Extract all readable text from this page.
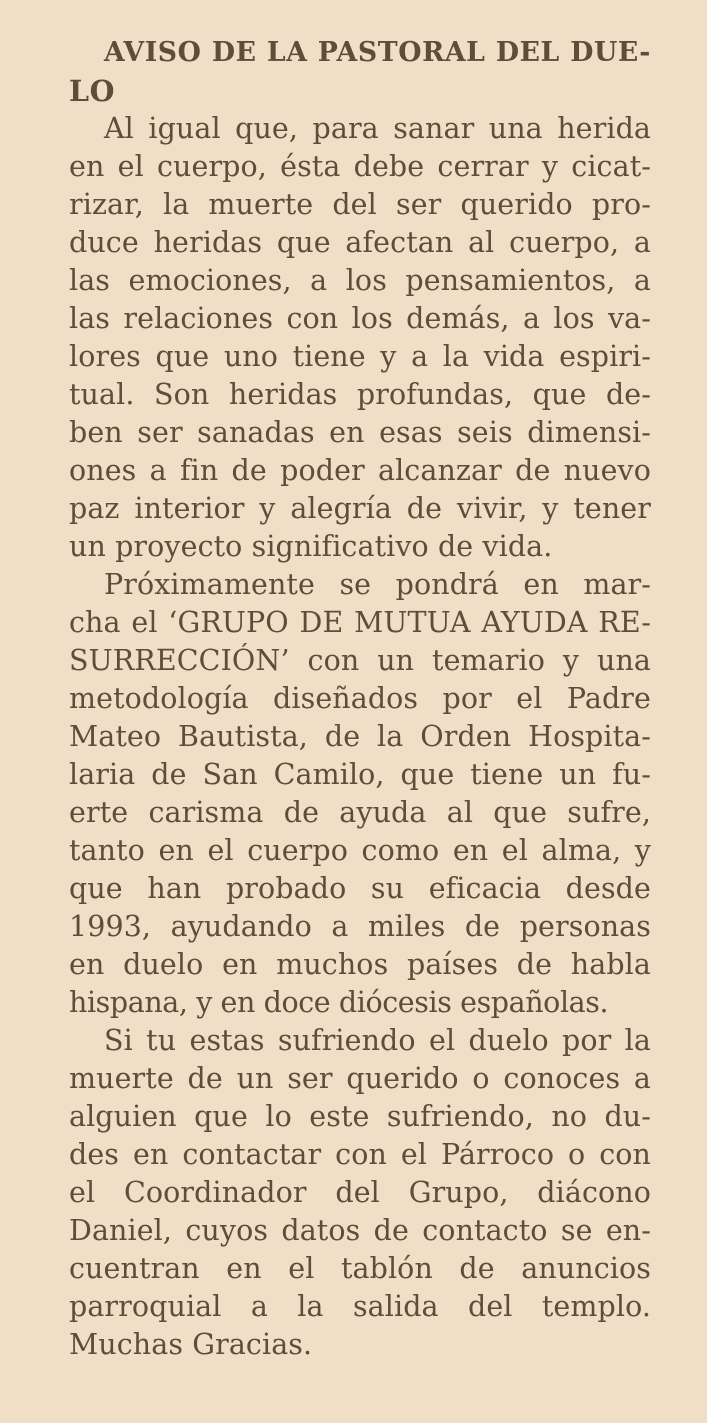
AVISO DE LA PASTORAL DEL DUE-
LO
Al igual que, para sanar una herida
en el cuerpo, ésta debe cerrar y cicat-
rizar, la muerte del ser querido pro-
duce heridas que afectan al cuerpo, a
las emociones, a los pensamientos, a
las relaciones con los demás, a los va-
lores que uno tiene y a la vida espiri-
tual. Son heridas profundas, que de-
ben ser sanadas en esas seis dimensi-
ones a fin de poder alcanzar de nuevo
paz interior y alegría de vivir, y tener
un proyecto significativo de vida.
Próximamente se pondrá en mar-
cha el ‘GRUPO DE MUTUA AYUDA RE-
SURRECCIÓN’ con un temario y una
metodología diseñados por el Padre
Mateo Bautista, de la Orden Hospita-
laria de San Camilo, que tiene un fu-
erte carisma de ayuda al que sufre,
tanto en el cuerpo como en el alma, y
que han probado su eficacia desde
1993, ayudando a miles de personas
en duelo en muchos países de habla
hispana, y en doce diócesis españolas.
Si tu estas sufriendo el duelo por la
muerte de un ser querido o conoces a
alguien que lo este sufriendo, no du-
des en contactar con el Párroco o con
el Coordinador del Grupo, diácono
Daniel, cuyos datos de contacto se en-
cuentran en el tablón de anuncios
parroquial a la salida del templo.
Muchas Gracias.
